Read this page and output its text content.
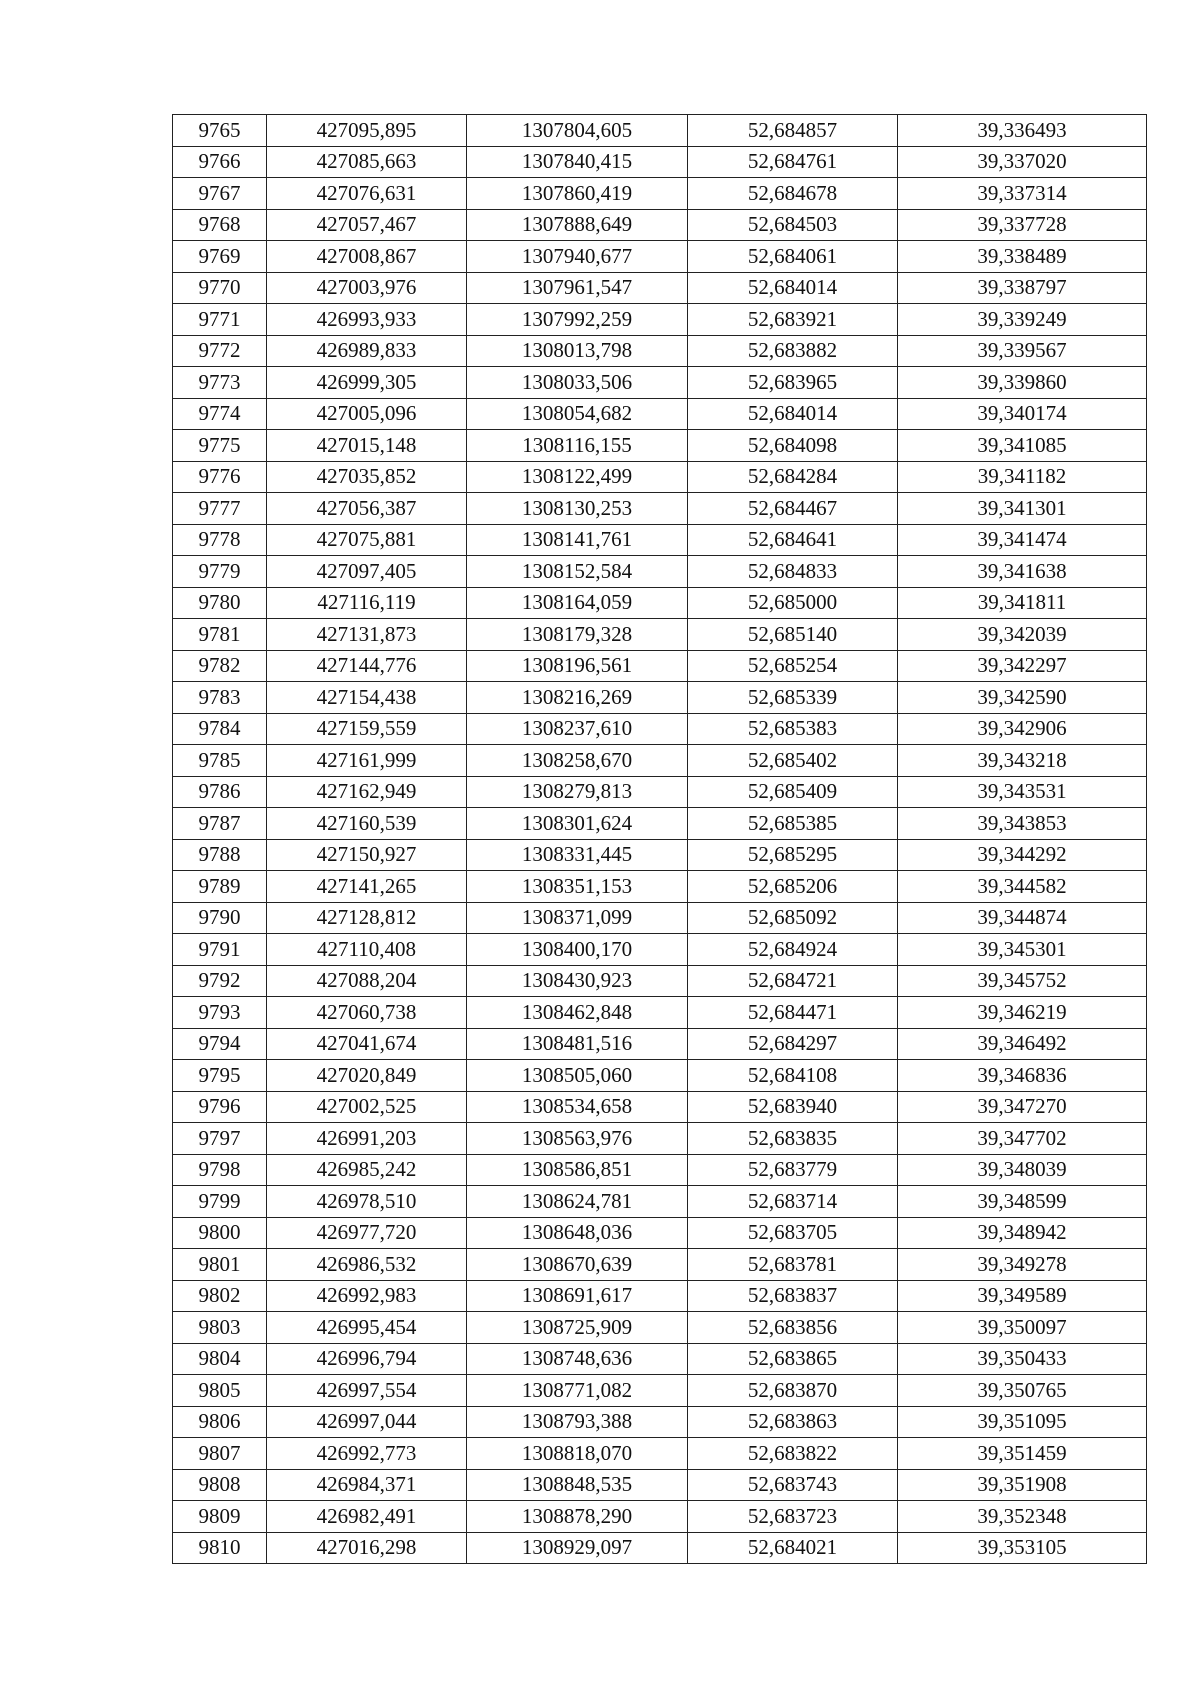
9765	427095,895	1307804,605	52,684857	39,336493
9766	427085,663	1307840,415	52,684761	39,337020
9767	427076,631	1307860,419	52,684678	39,337314
9768	427057,467	1307888,649	52,684503	39,337728
9769	427008,867	1307940,677	52,684061	39,338489
9770	427003,976	1307961,547	52,684014	39,338797
9771	426993,933	1307992,259	52,683921	39,339249
9772	426989,833	1308013,798	52,683882	39,339567
9773	426999,305	1308033,506	52,683965	39,339860
9774	427005,096	1308054,682	52,684014	39,340174
9775	427015,148	1308116,155	52,684098	39,341085
9776	427035,852	1308122,499	52,684284	39,341182
9777	427056,387	1308130,253	52,684467	39,341301
9778	427075,881	1308141,761	52,684641	39,341474
9779	427097,405	1308152,584	52,684833	39,341638
9780	427116,119	1308164,059	52,685000	39,341811
9781	427131,873	1308179,328	52,685140	39,342039
9782	427144,776	1308196,561	52,685254	39,342297
9783	427154,438	1308216,269	52,685339	39,342590
9784	427159,559	1308237,610	52,685383	39,342906
9785	427161,999	1308258,670	52,685402	39,343218
9786	427162,949	1308279,813	52,685409	39,343531
9787	427160,539	1308301,624	52,685385	39,343853
9788	427150,927	1308331,445	52,685295	39,344292
9789	427141,265	1308351,153	52,685206	39,344582
9790	427128,812	1308371,099	52,685092	39,344874
9791	427110,408	1308400,170	52,684924	39,345301
9792	427088,204	1308430,923	52,684721	39,345752
9793	427060,738	1308462,848	52,684471	39,346219
9794	427041,674	1308481,516	52,684297	39,346492
9795	427020,849	1308505,060	52,684108	39,346836
9796	427002,525	1308534,658	52,683940	39,347270
9797	426991,203	1308563,976	52,683835	39,347702
9798	426985,242	1308586,851	52,683779	39,348039
9799	426978,510	1308624,781	52,683714	39,348599
9800	426977,720	1308648,036	52,683705	39,348942
9801	426986,532	1308670,639	52,683781	39,349278
9802	426992,983	1308691,617	52,683837	39,349589
9803	426995,454	1308725,909	52,683856	39,350097
9804	426996,794	1308748,636	52,683865	39,350433
9805	426997,554	1308771,082	52,683870	39,350765
9806	426997,044	1308793,388	52,683863	39,351095
9807	426992,773	1308818,070	52,683822	39,351459
9808	426984,371	1308848,535	52,683743	39,351908
9809	426982,491	1308878,290	52,683723	39,352348
9810	427016,298	1308929,097	52,684021	39,353105
